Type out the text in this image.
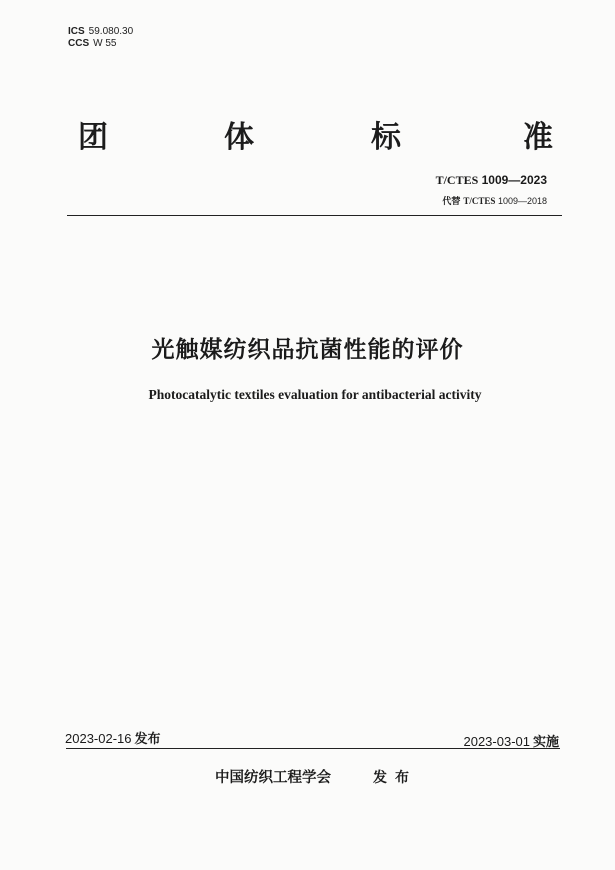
ICS 59.080.30
CCS W 55
团	体	标	准
T/CTES 1009—2023
代替 T/CTES 1009—2018
光触媒纺织品抗菌性能的评价
Photocatalytic textiles evaluation for antibacterial activity
2023-02-16 发布	2023-03-01 实施
中国纺织工程学会	发布
